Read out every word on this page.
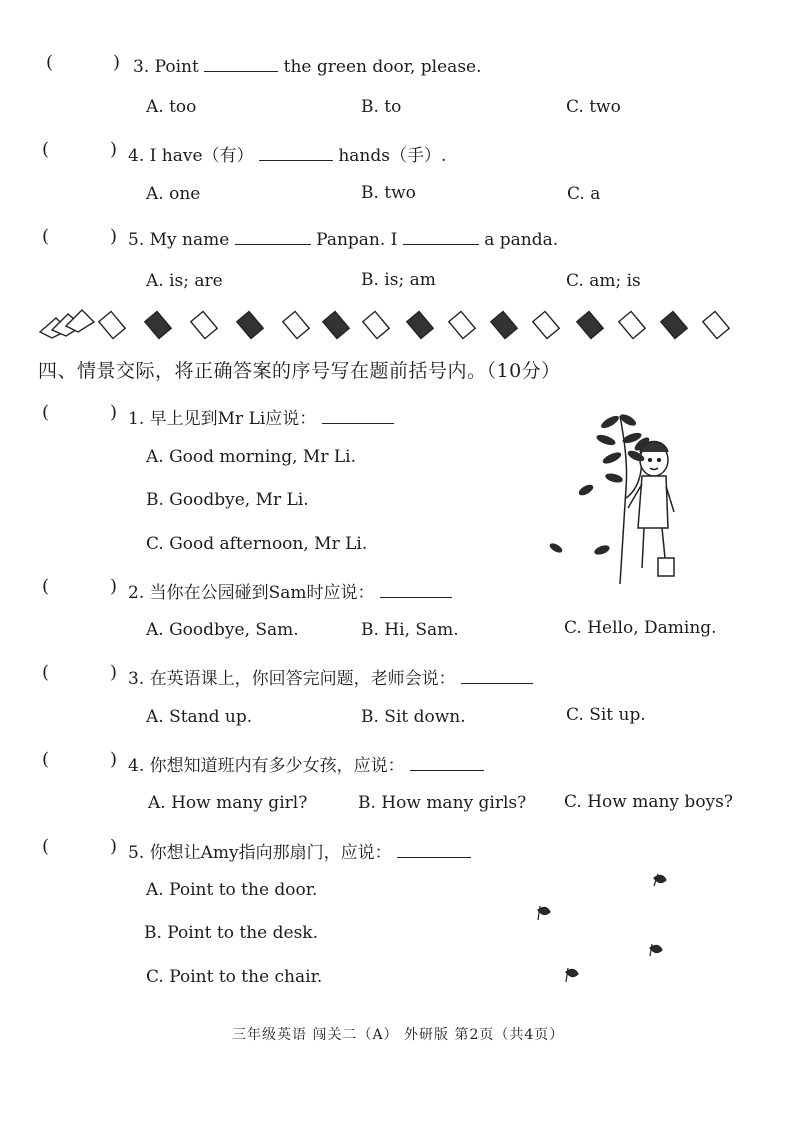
(	) 3. Point	the green door, please.
A. too	B. to	C. two
(	) 4. I have（有）	hands（手）.
A. one	B. two	C. a
(	) 5. My name	Panpan. I	a panda.
A. is; are	B. is; am	C. am; is
四、情景交际，将正确答案的序号写在题前括号内。（10分）
(	) 1. 早上见到Mr Li应说：
A. Good morning, Mr Li.
B. Goodbye, Mr Li.
C. Good afternoon, Mr Li.
(	) 2. 当你在公园碰到Sam时应说：
A. Goodbye, Sam.	B. Hi, Sam.	C. Hello, Daming.
(	) 3. 在英语课上，你回答完问题，老师会说：
A. Stand up.	B. Sit down.	C. Sit up.
(	) 4. 你想知道班内有多少女孩，应说：
A. How many girl?	B. How many girls? C. How many boys?
(	) 5. 你想让Amy指向那扇门，应说：
A. Point to the door.
B. Point to the desk.
C. Point to the chair.
三年级英语 闯关二（A） 外研版 第2页（共4页）
